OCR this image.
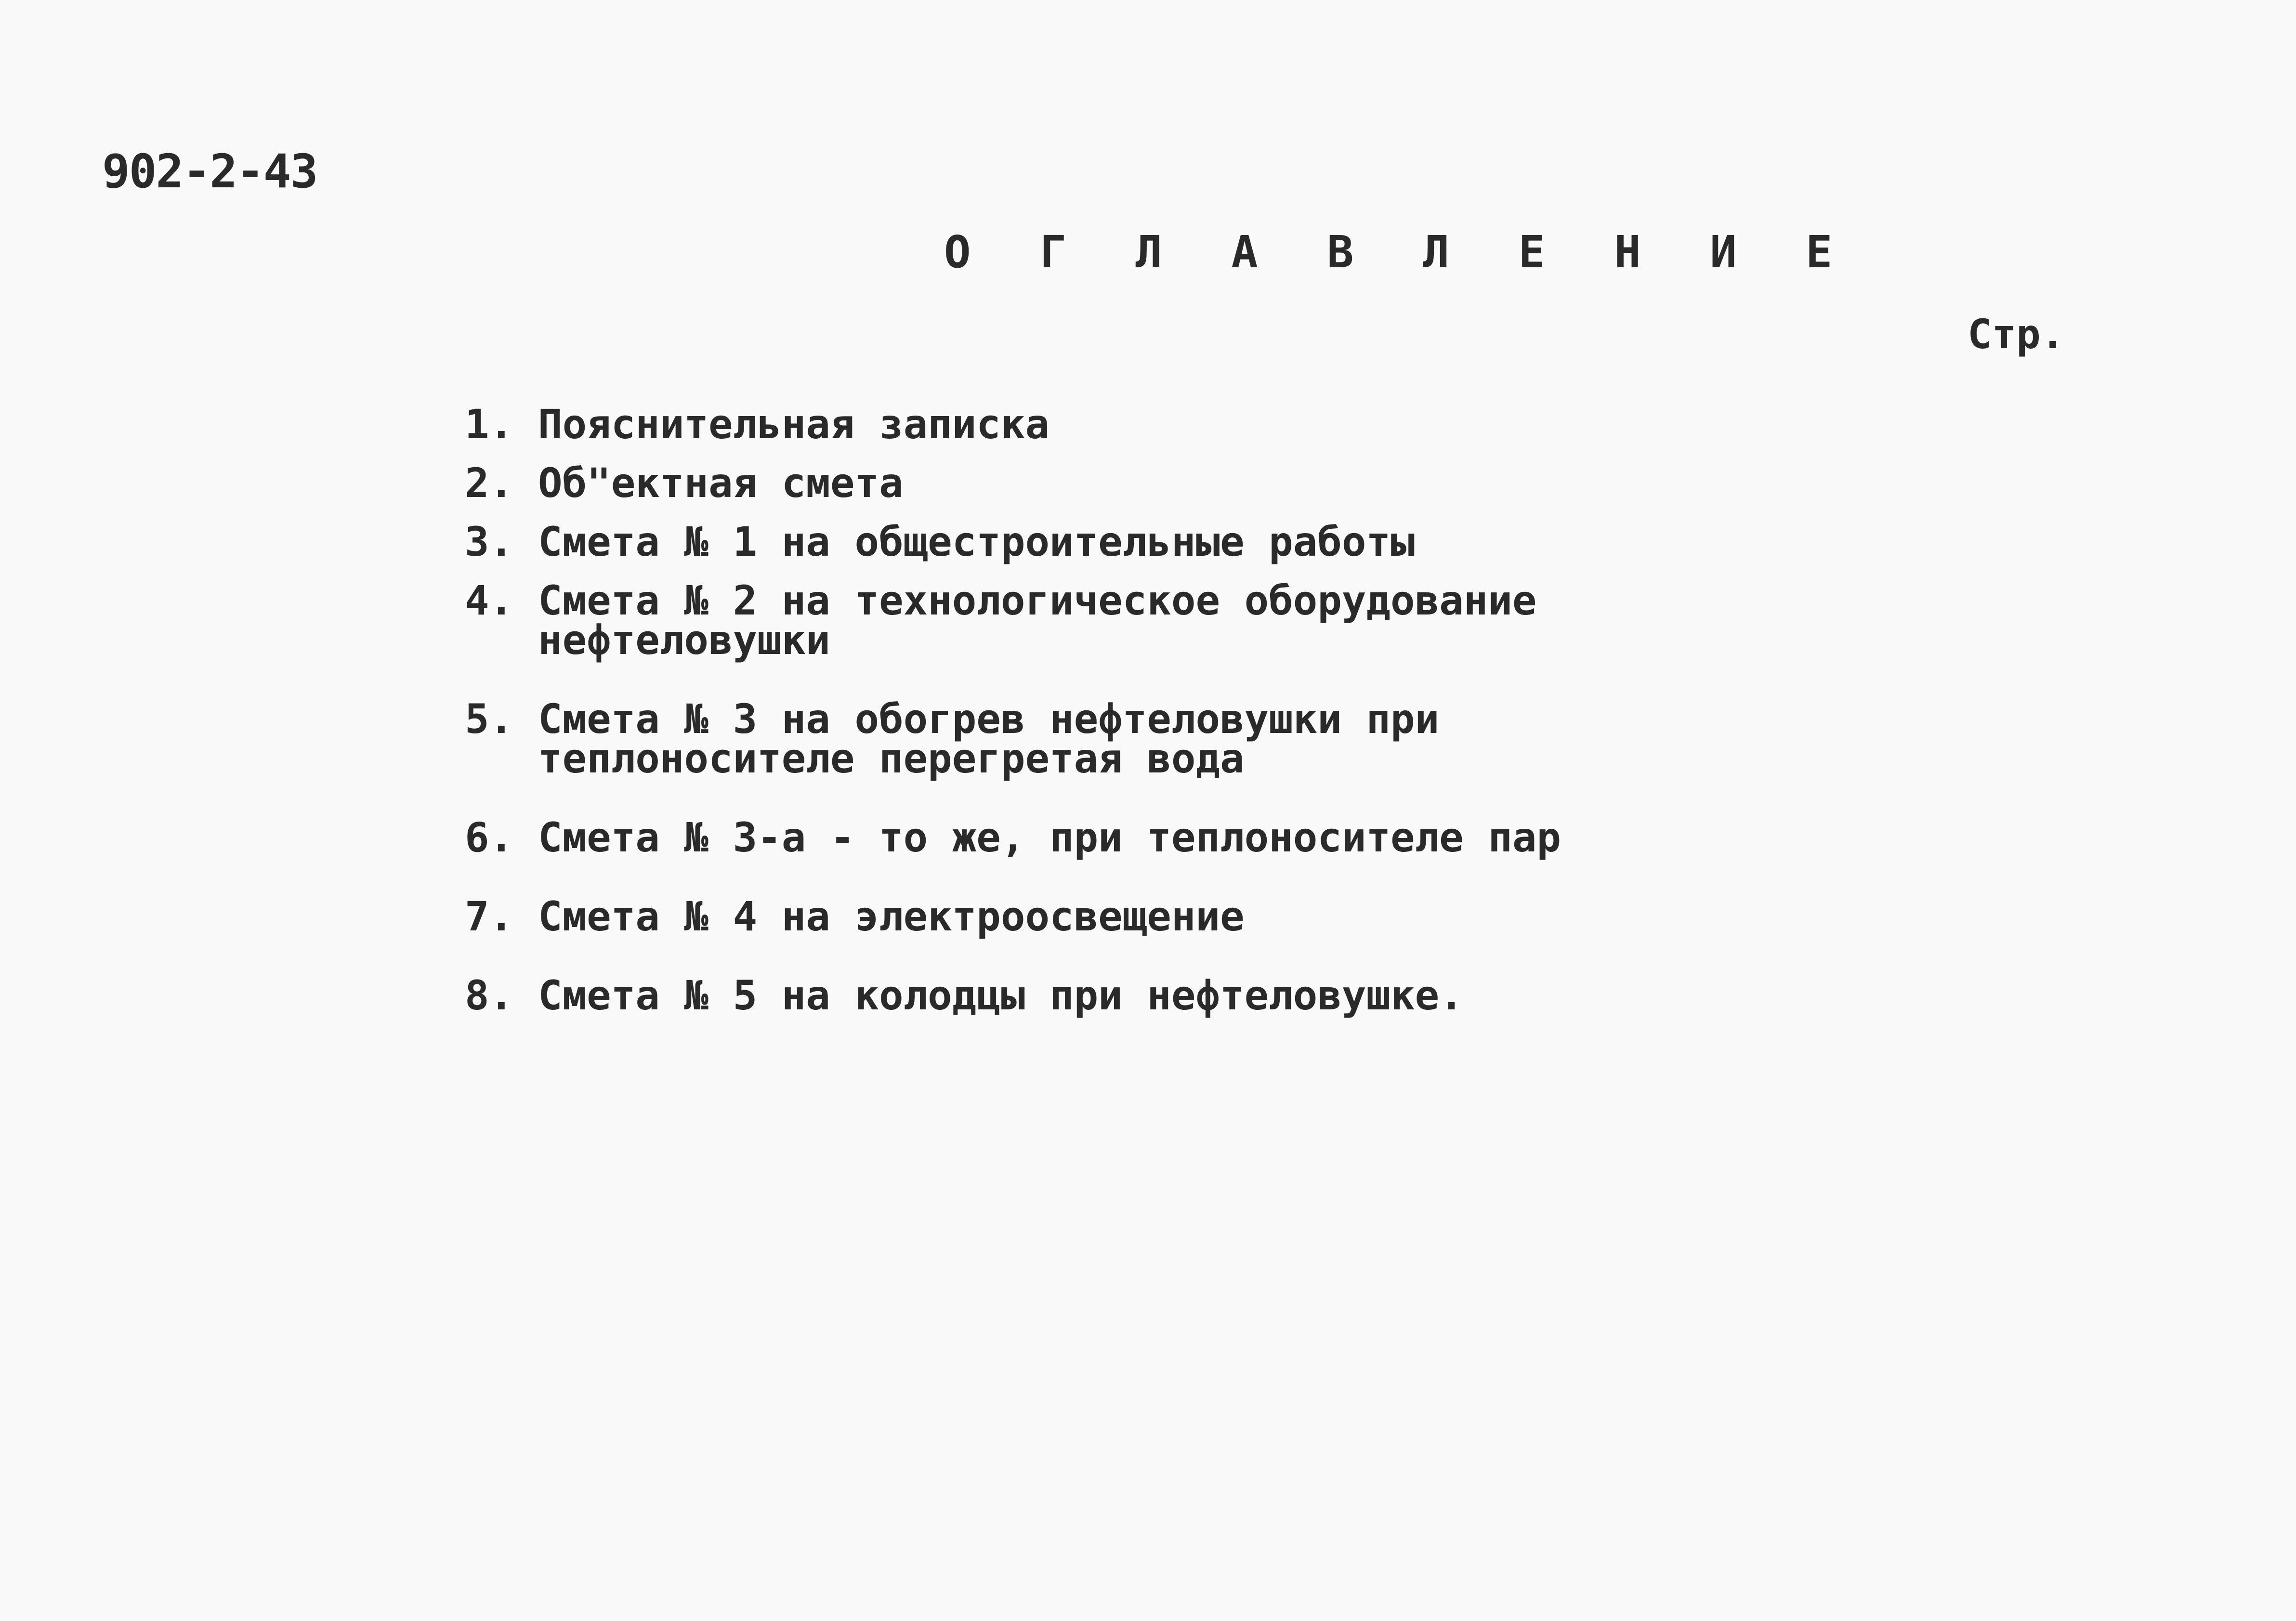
902-2-43
О Г Л А В Л Е Н И Е
Стр.
1. Пояснительная записка
2. Об"ектная смета
3. Смета № 1 на общестроительные работы
4. Смета № 2 на технологическое оборудование
нефтеловушки
5. Смета № 3 на обогрев нефтеловушки при
теплоносителе перегретая вода
6. Смета № 3-а - то же, при теплоносителе пар
7. Смета № 4 на электроосвещение
8. Смета № 5 на колодцы при нефтеловушке.
